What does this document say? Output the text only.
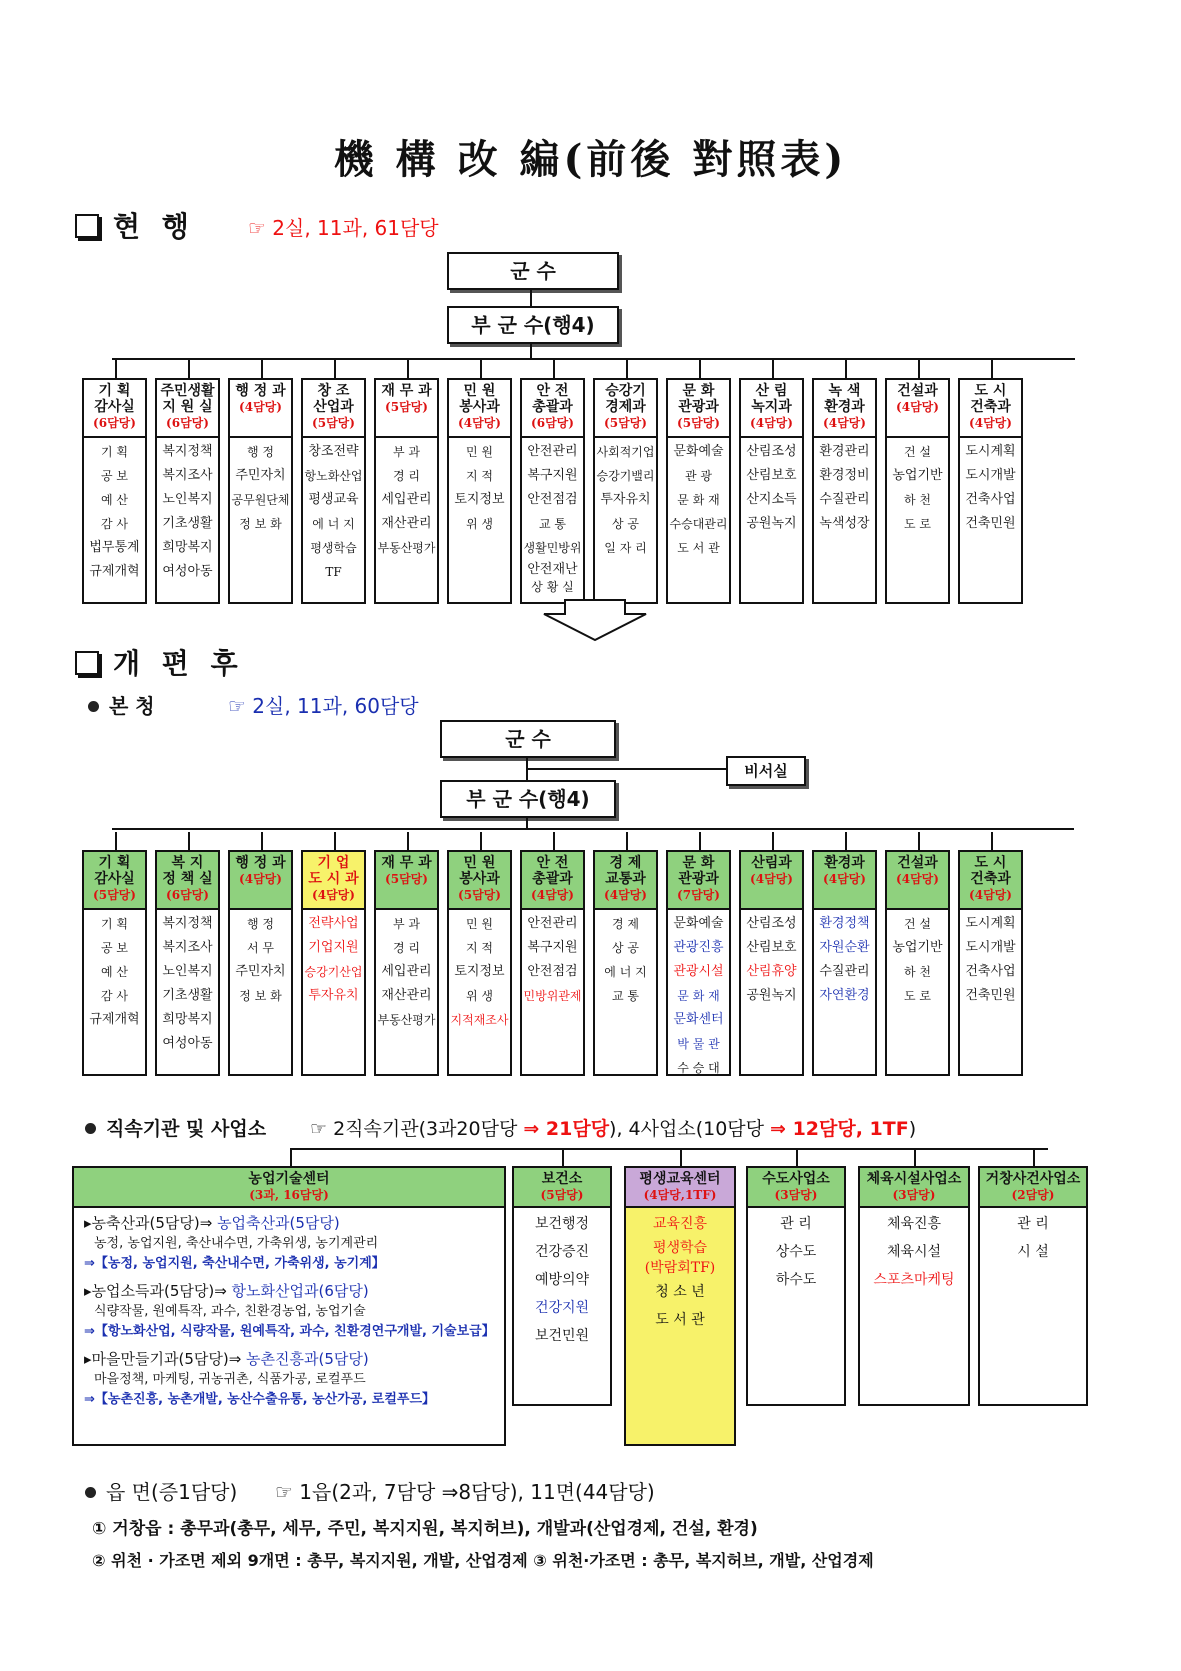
機 構 改 編(前後 對照表)
현 행	☞ 2실, 11과, 61담당
군 수
부 군 수(행4)
기 획
감사실
(6담당)
기 획
공 보
예 산
감 사
법무통계
규제개혁
주민생활
지 원 실
(6담당)
복지정책
복지조사
노인복지
기초생활
희망복지
여성아동
행 정 과
(4담당)
행 정
주민자치
공무원단체
정 보 화
창 조
산업과
(5담당)
창조전략
항노화산업
평생교육
에 너 지
평생학습TF
재 무 과
(5담당)
부 과
경 리
세입관리
재산관리
부동산평가
민 원
봉사과
(4담당)
민 원
지 적
토지정보
위 생
안 전
총괄과
(6담당)
안전관리
복구지원
안전점검
교 통
생활민방위
안전재난
상 황 실
승강기
경제과
(5담당)
사회적기업
승강기밸리
투자유치
상 공
일 자 리
문 화
관광과
(5담당)
문화예술
관 광
문 화 재
수승대관리
도 서 관
산 림
녹지과
(4담당)
산림조성
산림보호
산지소득
공원녹지
녹 색
환경과
(4담당)
환경관리
환경정비
수질관리
녹색성장
건설과
(4담당)
건 설
농업기반
하 천
도 로
도 시
건축과
(4담당)
도시계획
도시개발
건축사업
건축민원
개 편 후
본 청	☞ 2실, 11과, 60담당
군 수
비서실
부 군 수(행4)
기 획
감사실
(5담당)
기 획
공 보
예 산
감 사
규제개혁
복 지
정 책 실
(6담당)
복지정책
복지조사
노인복지
기초생활
희망복지
여성아동
행 정 과
(4담당)
행 정
서 무
주민자치
정 보 화
기 업
도 시 과
(4담당)
전략사업
기업지원
승강기산업
투자유치
재 무 과
(5담당)
부 과
경 리
세입관리
재산관리
부동산평가
민 원
봉사과
(5담당)
민 원
지 적
토지정보
위 생
지적재조사
안 전
총괄과
(4담당)
안전관리
복구지원
안전점검
민방위관제
경 제
교통과
(4담당)
경 제
상 공
에 너 지
교 통
문 화
관광과
(7담당)
문화예술
관광진흥
관광시설
문 화 재
문화센터
박 물 관
수 승 대
산림과
(4담당)
산림조성
산림보호
산림휴양
공원녹지
환경과
(4담당)
환경정책
자원순환
수질관리
자연환경
건설과
(4담당)
건 설
농업기반
하 천
도 로
도 시
건축과
(4담당)
도시계획
도시개발
건축사업
건축민원
직속기관 및 사업소 ☞ 2직속기관(3과20담당 ⇒ 21담당), 4사업소(10담당 ⇒ 12담당, 1TF)
농업기술센터
(3과, 16담당)
▸농축산과(5담당)⇒ 농업축산과(5담당)
농정, 농업지원, 축산내수면, 가축위생, 농기계관리
⇒【농정, 농업지원, 축산내수면, 가축위생, 농기계】
▸농업소득과(5담당)⇒ 항노화산업과(6담당)
식량작물, 원예특작, 과수, 친환경농업, 농업기술
⇒【항노화산업, 식량작물, 원예특작, 과수, 친환경연구개발, 기술보급】
▸마을만들기과(5담당)⇒ 농촌진흥과(5담당)
마을정책, 마케팅, 귀농귀촌, 식품가공, 로컬푸드
⇒【농촌진흥, 농촌개발, 농산수출유통, 농산가공, 로컬푸드】
보건소
(5담당)
보건행정
건강증진
예방의약
건강지원
보건민원
평생교육센터
(4담당,1TF)
교육진흥
평생학습
(박람회TF)
청 소 년
도 서 관
수도사업소
(3담당)
관 리
상수도
하수도
체육시설사업소
(3담당)
체육진흥
체육시설
스포츠마케팅
거창사건사업소
(2담당)
관 리
시 설
읍 면(증1담당) ☞ 1읍(2과, 7담당 ⇒8담당), 11면(44담당)
① 거창읍 : 총무과(총무, 세무, 주민, 복지지원, 복지허브), 개발과(산업경제, 건설, 환경)
② 위천 · 가조면 제외 9개면 : 총무, 복지지원, 개발, 산업경제 ③ 위천·가조면 : 총무, 복지허브, 개발, 산업경제
